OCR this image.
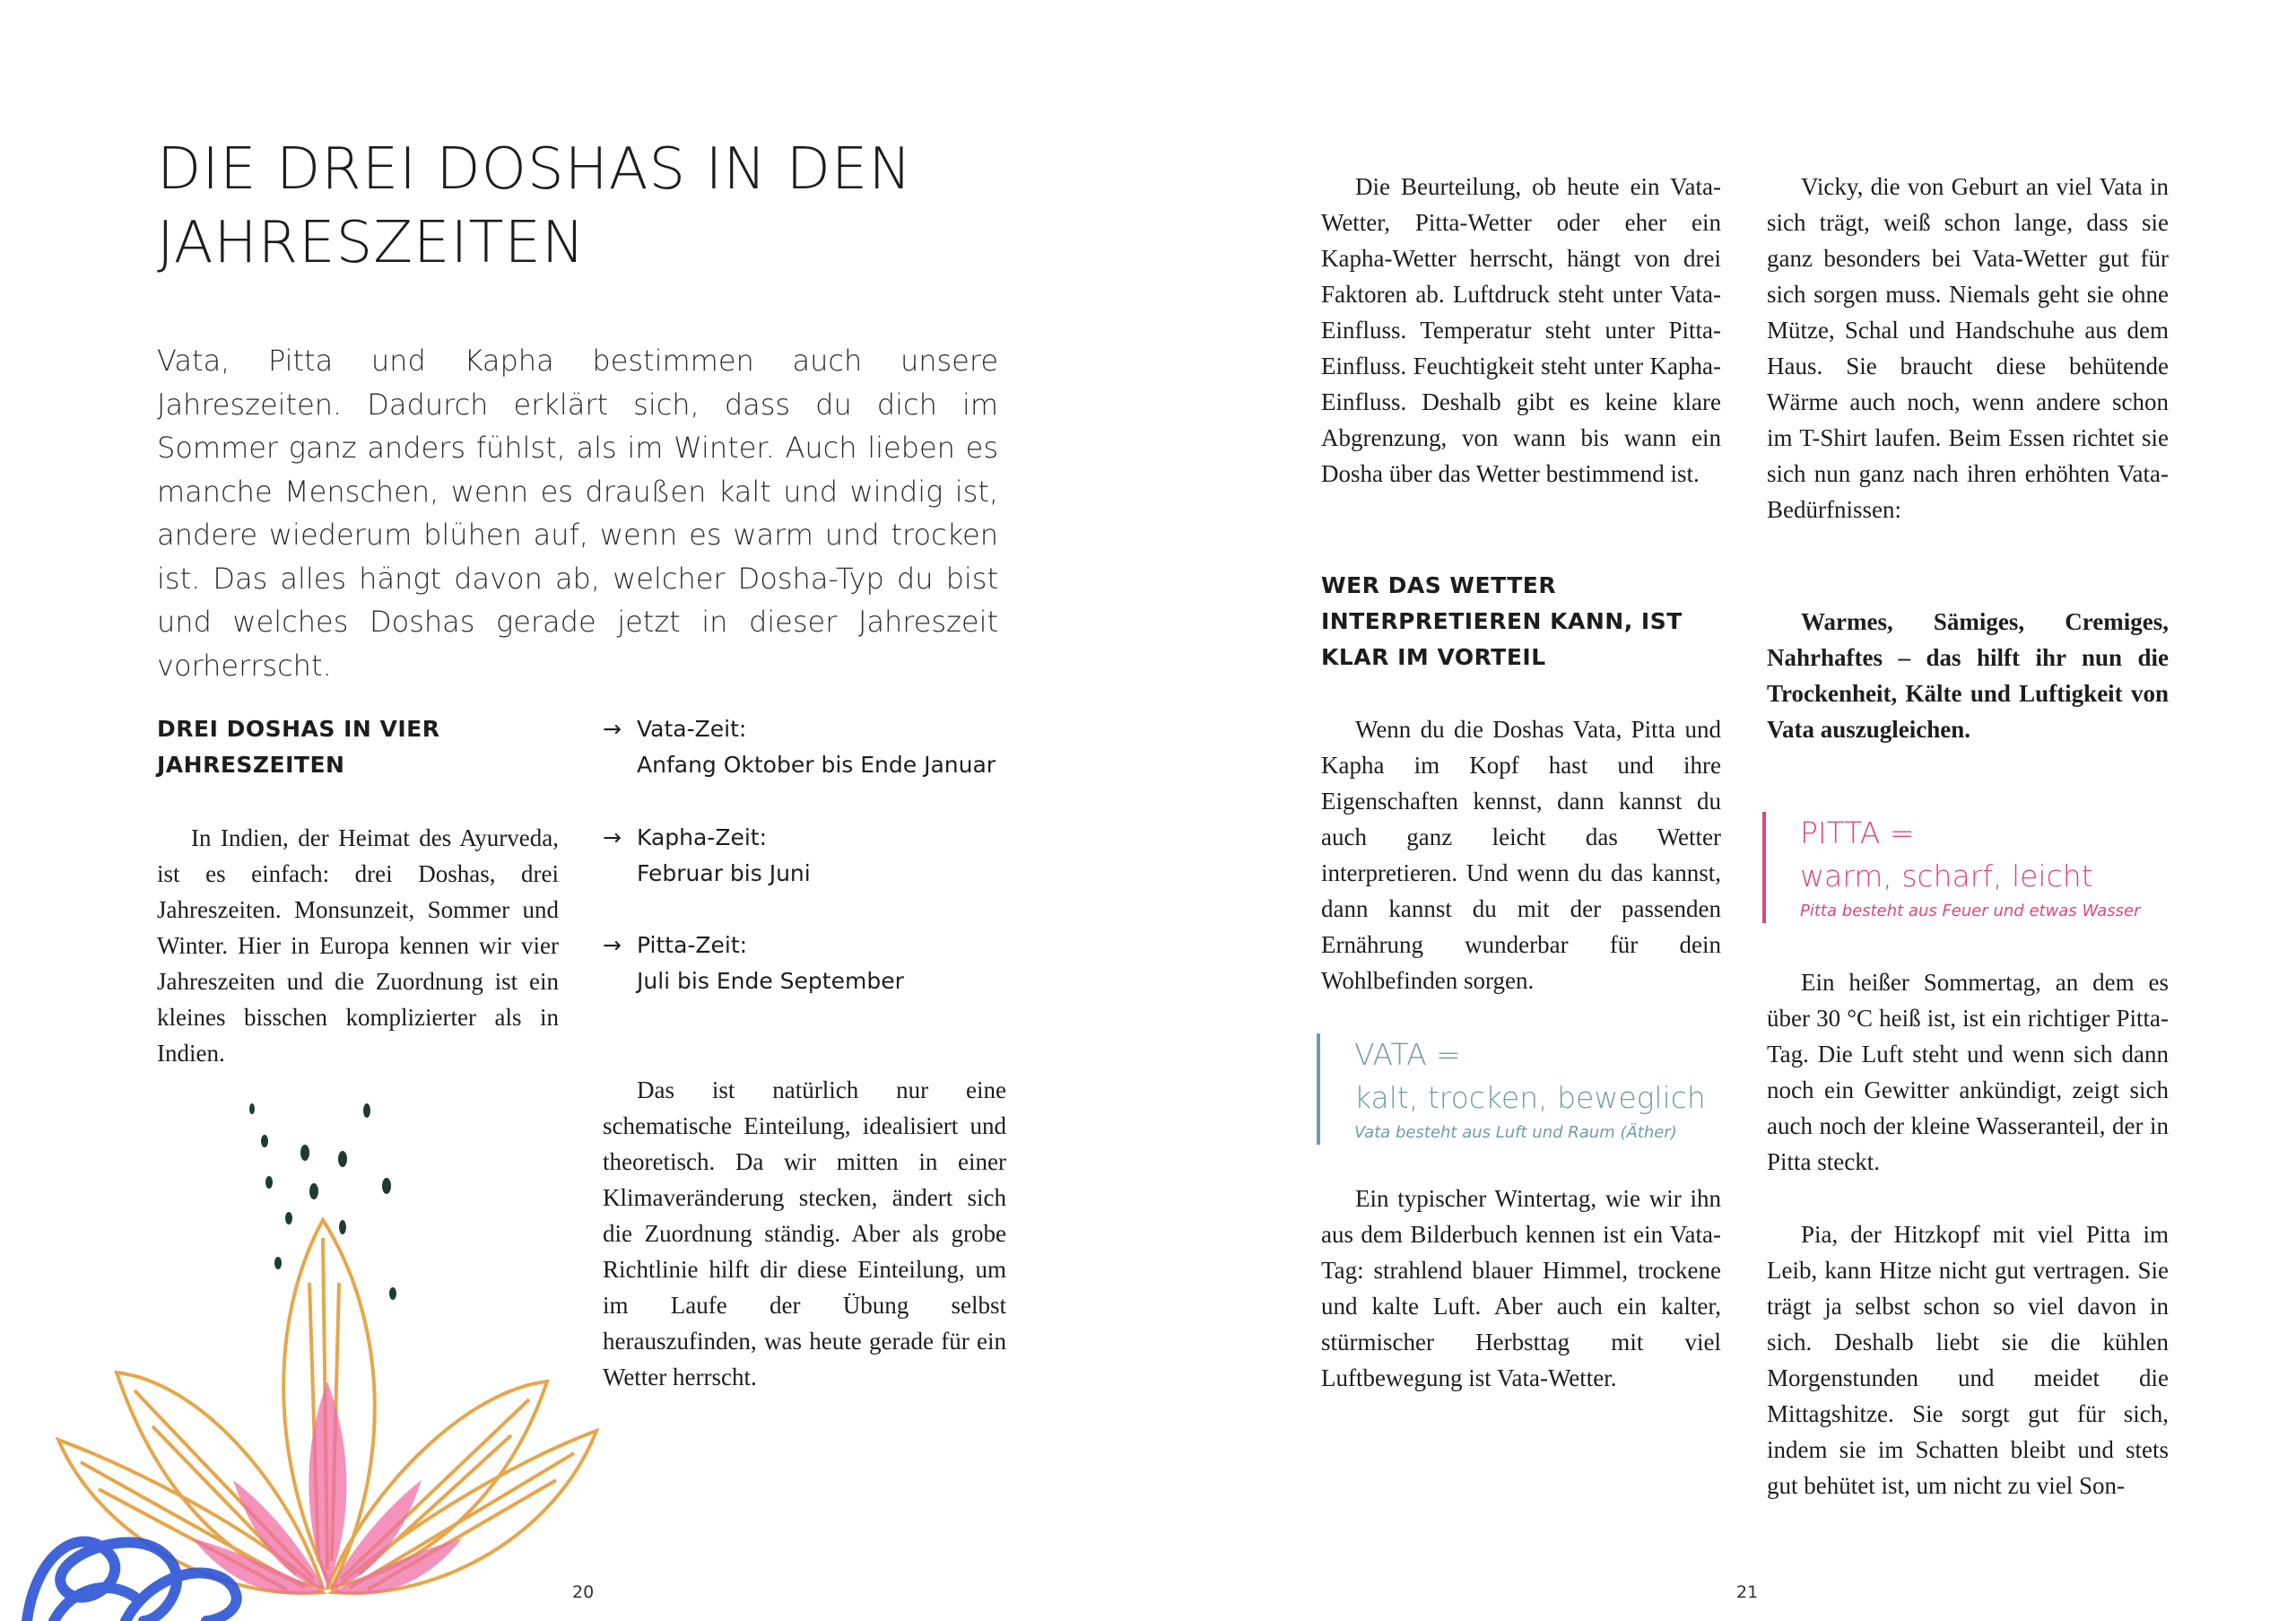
DIE DREI DOSHAS IN DEN
JAHRESZEITEN
Vata, Pitta und Kapha bestimmen auch unsere Jahreszeiten. Dadurch erklärt sich, dass du dich im Sommer ganz anders fühlst, als im Winter. Auch lieben es manche Menschen, wenn es draußen kalt und windig ist, andere wiederum blühen auf, wenn es warm und trocken ist. Das alles hängt davon ab, welcher Dosha-Typ du bist und welches Doshas gerade jetzt in dieser Jahreszeit vorherrscht.
DREI DOSHAS IN VIER
JAHRESZEITEN
In Indien, der Heimat des Ayurveda, ist es einfach: drei Doshas, drei Jahreszeiten. Monsunzeit, Sommer und Winter. Hier in Europa kennen wir vier Jahreszeiten und die Zuordnung ist ein kleines bisschen komplizierter als in Indien.
→ Vata-Zeit:
Anfang Oktober bis Ende Januar
→ Kapha-Zeit:
Februar bis Juni
→ Pitta-Zeit:
Juli bis Ende September
Das ist natürlich nur eine schematische Einteilung, idealisiert und theoretisch. Da wir mitten in einer Klimaveränderung stecken, ändert sich die Zuordnung ständig. Aber als grobe Richtlinie hilft dir diese Einteilung, um im Laufe der Übung selbst herauszufinden, was heute gerade für ein Wetter herrscht.
20
Die Beurteilung, ob heute ein Vata-Wetter, Pitta-Wetter oder eher ein Kapha-Wetter herrscht, hängt von drei Faktoren ab. Luftdruck steht unter Vata-Einfluss. Temperatur steht unter Pitta-Einfluss. Feuchtigkeit steht unter Kapha-Einfluss. Deshalb gibt es keine klare Abgrenzung, von wann bis wann ein Dosha über das Wetter bestimmend ist.
WER DAS WETTER
INTERPRETIEREN KANN, IST
KLAR IM VORTEIL
Wenn du die Doshas Vata, Pitta und Kapha im Kopf hast und ihre Eigenschaften kennst, dann kannst du auch ganz leicht das Wetter interpretieren. Und wenn du das kannst, dann kannst du mit der passenden Ernährung wunderbar für dein Wohlbefinden sorgen.
VATA =
kalt, trocken, beweglich
Vata besteht aus Luft und Raum (Äther)
Ein typischer Wintertag, wie wir ihn aus dem Bilderbuch kennen ist ein Vata-Tag: strahlend blauer Himmel, trockene und kalte Luft. Aber auch ein kalter, stürmischer Herbsttag mit viel Luftbewegung ist Vata-Wetter.
Vicky, die von Geburt an viel Vata in sich trägt, weiß schon lange, dass sie ganz besonders bei Vata-Wetter gut für sich sorgen muss. Niemals geht sie ohne Mütze, Schal und Handschuhe aus dem Haus. Sie braucht diese behütende Wärme auch noch, wenn andere schon im T-Shirt laufen. Beim Essen richtet sie sich nun ganz nach ihren erhöhten Vata-Bedürfnissen:
Warmes, Sämiges, Cremiges, Nahrhaftes – das hilft ihr nun die Trockenheit, Kälte und Luftigkeit von Vata auszugleichen.
PITTA =
warm, scharf, leicht
Pitta besteht aus Feuer und etwas Wasser
Ein heißer Sommertag, an dem es über 30 °C heiß ist, ist ein richtiger Pitta-Tag. Die Luft steht und wenn sich dann noch ein Gewitter ankündigt, zeigt sich auch noch der kleine Wasseranteil, der in Pitta steckt.
Pia, der Hitzkopf mit viel Pitta im Leib, kann Hitze nicht gut vertragen. Sie trägt ja selbst schon so viel davon in sich. Deshalb liebt sie die kühlen Morgenstunden und meidet die Mittagshitze. Sie sorgt gut für sich, indem sie im Schatten bleibt und stets gut behütet ist, um nicht zu viel Son-
21
